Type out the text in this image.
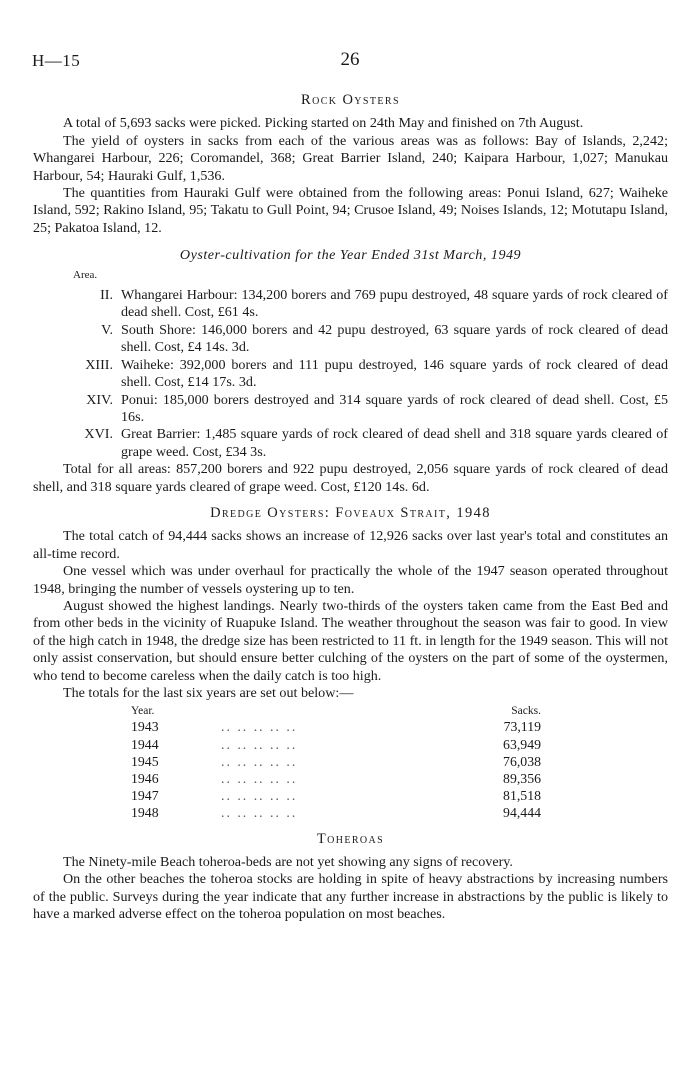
H—15	26
Rock Oysters

A total of 5,693 sacks were picked. Picking started on 24th May and finished on 7th August.

The yield of oysters in sacks from each of the various areas was as follows: Bay of Islands, 2,242; Whangarei Harbour, 226; Coromandel, 368; Great Barrier Island, 240; Kaipara Harbour, 1,027; Manukau Harbour, 54; Hauraki Gulf, 1,536.

The quantities from Hauraki Gulf were obtained from the following areas: Ponui Island, 627; Waiheke Island, 592; Rakino Island, 95; Takatu to Gull Point, 94; Crusoe Island, 49; Noises Islands, 12; Motutapu Island, 25; Pakatoa Island, 12.

Oyster-cultivation for the Year Ended 31st March, 1949
Area.
II. Whangarei Harbour: 134,200 borers and 769 pupu destroyed, 48 square yards of rock cleared of dead shell. Cost, £61 4s.
V. South Shore: 146,000 borers and 42 pupu destroyed, 63 square yards of rock cleared of dead shell. Cost, £4 14s. 3d.
XIII. Waiheke: 392,000 borers and 111 pupu destroyed, 146 square yards of rock cleared of dead shell. Cost, £14 17s. 3d.
XIV. Ponui: 185,000 borers destroyed and 314 square yards of rock cleared of dead shell. Cost, £5 16s.
XVI. Great Barrier: 1,485 square yards of rock cleared of dead shell and 318 square yards cleared of grape weed. Cost, £34 3s.

Total for all areas: 857,200 borers and 922 pupu destroyed, 2,056 square yards of rock cleared of dead shell, and 318 square yards cleared of grape weed. Cost, £120 14s. 6d.

Dredge Oysters: Foveaux Strait, 1948

The total catch of 94,444 sacks shows an increase of 12,926 sacks over last year's total and constitutes an all-time record.

One vessel which was under overhaul for practically the whole of the 1947 season operated throughout 1948, bringing the number of vessels oystering up to ten.

August showed the highest landings. Nearly two-thirds of the oysters taken came from the East Bed and from other beds in the vicinity of Ruapuke Island. The weather throughout the season was fair to good. In view of the high catch in 1948, the dredge size has been restricted to 11 ft. in length for the 1949 season. This will not only assist conservation, but should ensure better culching of the oysters on the part of some of the oystermen, who tend to become careless when the daily catch is too high.

The totals for the last six years are set out below:—

Year.		Sacks.
1943	.. .. .. .. ..	73,119
1944	.. .. .. .. ..	63,949
1945	.. .. .. .. ..	76,038
1946	.. .. .. .. ..	89,356
1947	.. .. .. .. ..	81,518
1948	.. .. .. .. ..	94,444
Toheroas

The Ninety-mile Beach toheroa-beds are not yet showing any signs of recovery.

On the other beaches the toheroa stocks are holding in spite of heavy abstractions by increasing numbers of the public. Surveys during the year indicate that any further increase in abstractions by the public is likely to have a marked adverse effect on the toheroa population on most beaches.
